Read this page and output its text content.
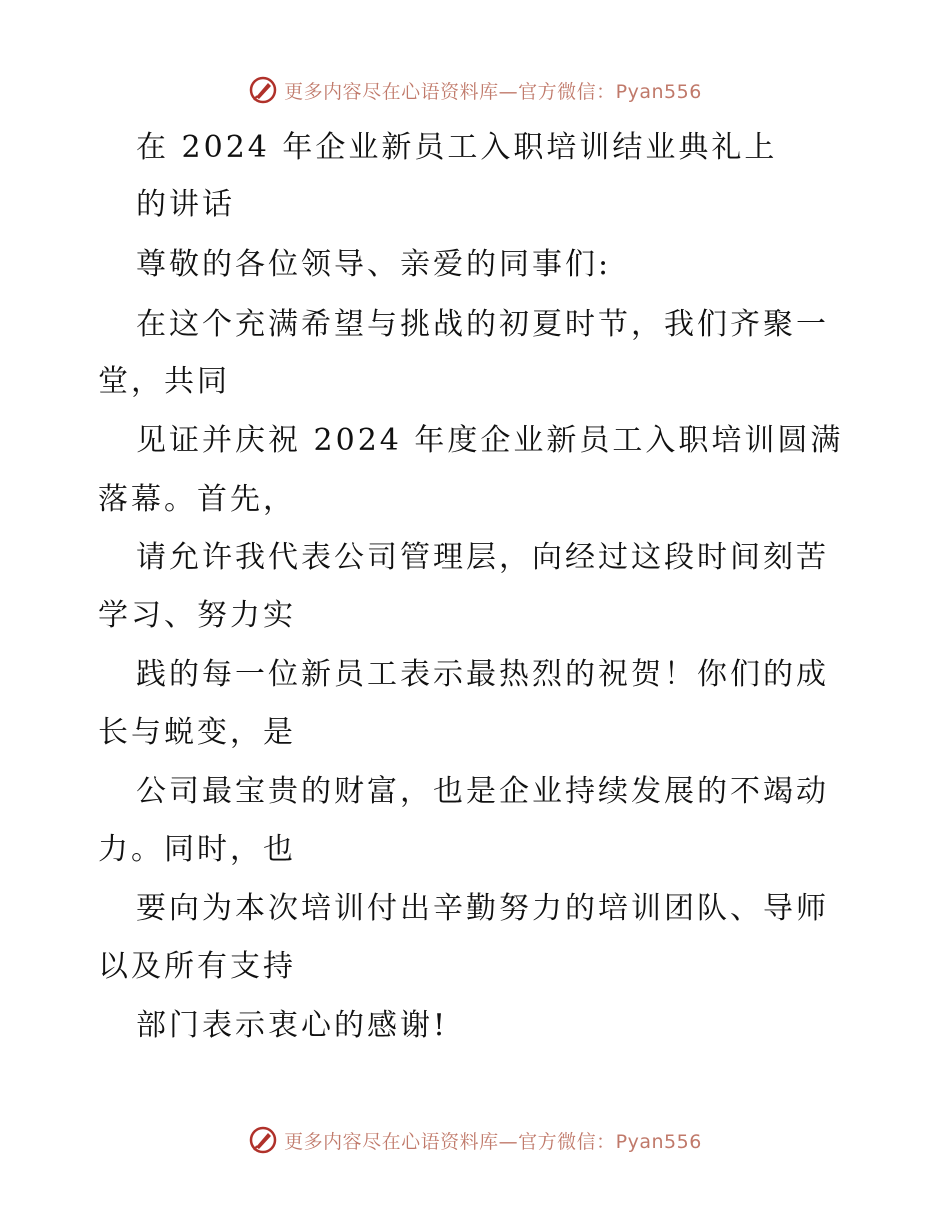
更多内容尽在心语资料库—官方微信：Pyan556
在 2024 年企业新员工入职培训结业典礼上
的讲话
尊敬的各位领导、亲爱的同事们:
在这个充满希望与挑战的初夏时节，我们齐聚一
堂，共同
见证并庆祝 2024 年度企业新员工入职培训圆满
落幕。首先，
请允许我代表公司管理层，向经过这段时间刻苦
学习、努力实
践的每一位新员工表示最热烈的祝贺！你们的成
长与蜕变，是
公司最宝贵的财富，也是企业持续发展的不竭动
力。同时，也
要向为本次培训付出辛勤努力的培训团队、导师
以及所有支持
部门表示衷心的感谢!
更多内容尽在心语资料库—官方微信：Pyan556
